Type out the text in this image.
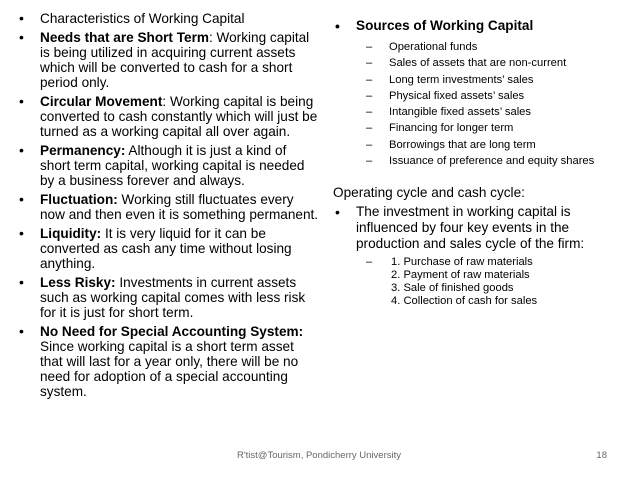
• Characteristics of Working Capital
• Needs that are Short Term: Working capital is being utilized in acquiring current assets which will be converted to cash for a short period only.
• Circular Movement: Working capital is being converted to cash constantly which will just be turned as a working capital all over again.
• Permanency: Although it is just a kind of short term capital, working capital is needed by a business forever and always.
• Fluctuation: Working still fluctuates every now and then even it is something permanent.
• Liquidity: It is very liquid for it can be converted as cash any time without losing anything.
• Less Risky: Investments in current assets such as working capital comes with less risk for it is just for short term.
• No Need for Special Accounting System: Since working capital is a short term asset that will last for a year only, there will be no need for adoption of a special accounting system.
• Sources of Working Capital
– Operational funds
– Sales of assets that are non-current
– Long term investments’ sales
– Physical fixed assets’ sales
– Intangible fixed assets’ sales
– Financing for longer term
– Borrowings that are long term
– Issuance of preference and equity shares
Operating cycle and cash cycle:
• The investment in working capital is influenced by four key events in the production and sales cycle of the firm:
– 1. Purchase of raw materials
2. Payment of raw materials
3. Sale of finished goods
4. Collection of cash for sales
R'tist@Tourism, Pondicherry University	18
